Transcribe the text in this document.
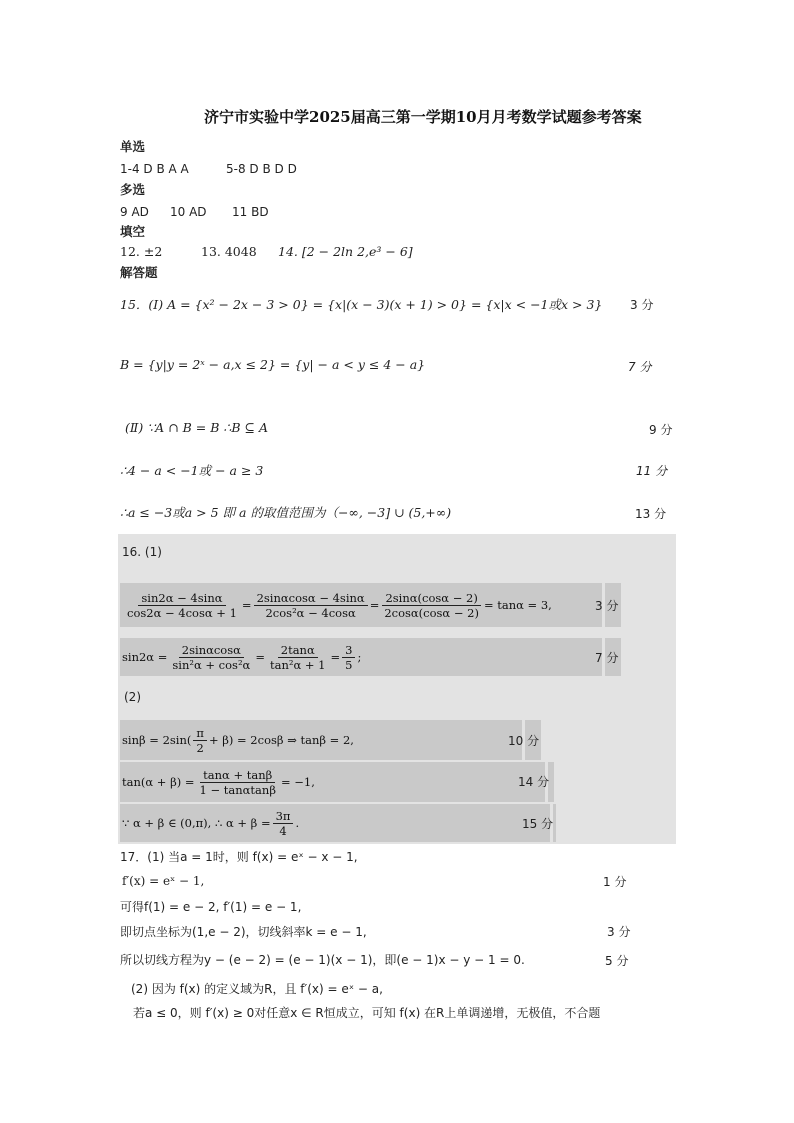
济宁市实验中学2025届高三第一学期10月月考数学试题参考答案
单选
1-4 D B A A	5-8 D B D D
多选
9 AD 10 AD 11 BD
填空
12. ±2	13. 4048 14. [2 − 2ln 2,e³ − 6]
解答题
15．(Ⅰ) A = {x² − 2x − 3 > 0} = {x|(x − 3)(x + 1) > 0} = {x|x < −1或x > 3} 3 分
B = {y|y = 2ˣ − a,x ≤ 2} = {y| − a < y ≤ 4 − a}	7 分
(Ⅱ) ∵A ∩ B = B ∴B ⊆ A	9 分
∴4 − a < −1或 − a ≥ 3	11 分
∴a ≤ −3或a > 5 即 a 的取值范围为（−∞, −3] ∪ (5,+∞)	13 分
16. (1)
$\frac{\sin 2\alpha - 4\sin\alpha}{\cos 2\alpha - 4\cos\alpha + 1} = \frac{2\sin\alpha\cos\alpha - 4\sin\alpha}{\text{2cos²α − 4cosα}} = \frac{2\sin\alpha(\cos\alpha - 2)}{2\cos\alpha(\cos\alpha - 2)} = \tan\alpha = 3$,	3 分
$\sin 2\alpha = \frac{2\sin\alpha\cos\alpha}{\text{sin²α + cos²α}} = \frac{2\tan\alpha}{\text{tan²α + 1}} = \frac{3}{5}$ ;	7 分
(2)
$\sin\beta = 2\sin( \frac{\pi}{2} + \beta) = 2\cos\beta$ ⇒ tanβ = 2,	10 分
$\tan(\alpha + \beta) = \frac{\tan\alpha + \tan\beta}{1 - \tan\alpha\tan\beta} = -1$,	14 分
∵ α + β ∈ (0,π), ∴ $\alpha + \beta = \frac{3\pi}{4}$ .	15 分
17．(1) 当a = 1时，则 f(x) = eˣ − x − 1,
f′(x) = eˣ − 1,	1 分
可得f(1) = e − 2, f′(1) = e − 1,
即切点坐标为(1,e − 2)，切线斜率k = e − 1,	3 分
所以切线方程为y − (e − 2) = (e − 1)(x − 1)，即(e − 1)x − y − 1 = 0.	5 分
(2) 因为 f(x) 的定义域为R，且 f′(x) = eˣ − a,
若a ≤ 0，则 f′(x) ≥ 0对任意x ∈ R恒成立，可知 f(x) 在R上单调递增，无极值，不合题
